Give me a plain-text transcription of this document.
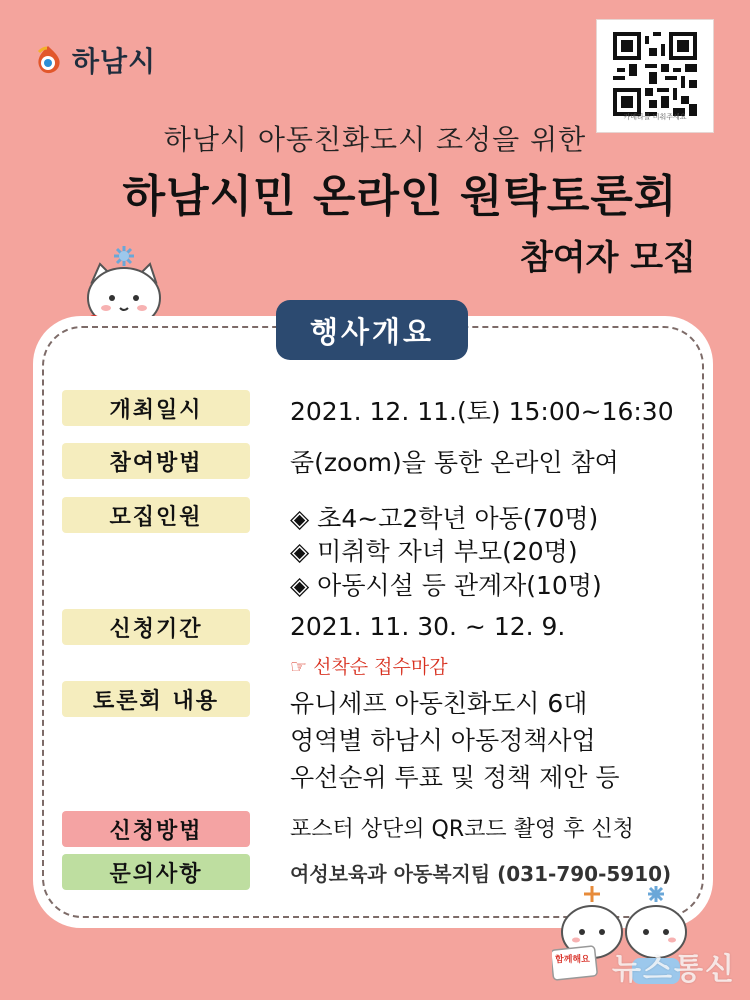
하남시
카메라를 비춰주세요
하남시 아동친화도시 조성을 위한
하남시민 온라인 원탁토론회
참여자 모집
행사개요
개최일시	2021. 12. 11.(토) 15:00~16:30
참여방법	줌(zoom)을 통한 온라인 참여
모집인원	◈ 초4~고2학년 아동(70명)
◈ 미취학 자녀 부모(20명)
◈ 아동시설 등 관계자(10명)
신청기간	2021. 11. 30. ~ 12. 9.
☞ 선착순 접수마감
토론회 내용	유니세프 아동친화도시 6대
영역별 하남시 아동정책사업
우선순위 투표 및 정책 제안 등
신청방법	포스터 상단의 QR코드 촬영 후 신청
문의사항	여성보육과 아동복지팀 (031-790-5910)
함께해요 뉴스통신
